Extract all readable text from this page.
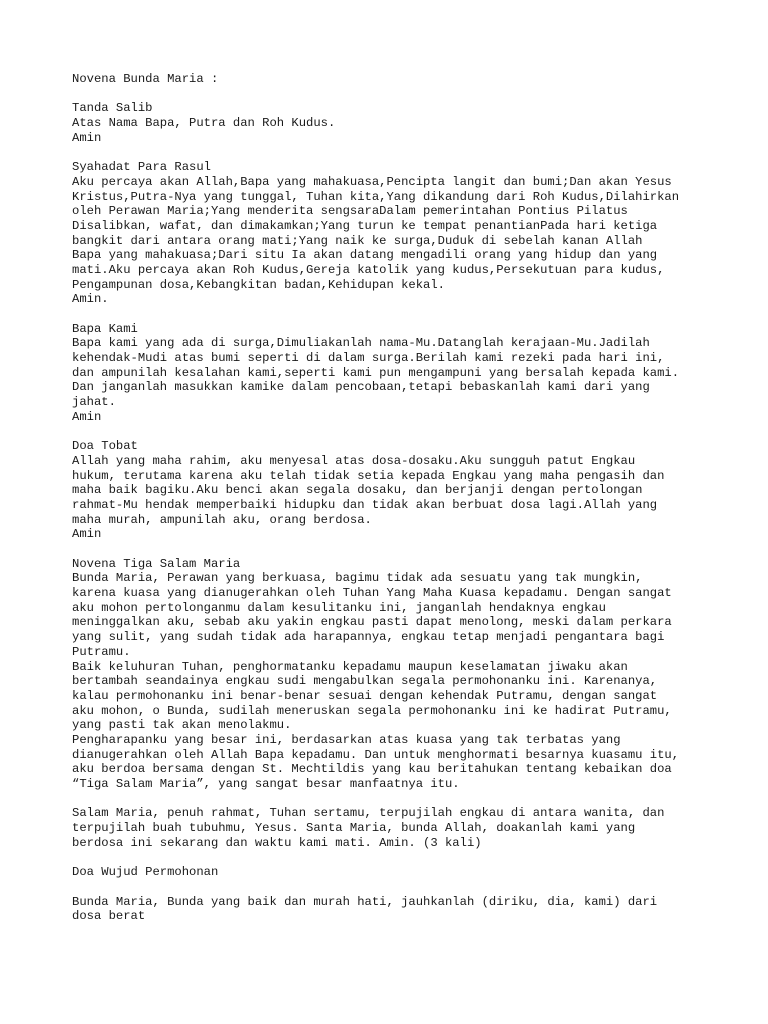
Novena Bunda Maria :
Tanda Salib
Atas Nama Bapa, Putra dan Roh Kudus.
Amin
Syahadat Para Rasul
Aku percaya akan Allah,Bapa yang mahakuasa,Pencipta langit dan bumi;Dan akan Yesus
Kristus,Putra-Nya yang tunggal, Tuhan kita,Yang dikandung dari Roh Kudus,Dilahirkan
oleh Perawan Maria;Yang menderita sengsaraDalam pemerintahan Pontius Pilatus
Disalibkan, wafat, dan dimakamkan;Yang turun ke tempat penantianPada hari ketiga
bangkit dari antara orang mati;Yang naik ke surga,Duduk di sebelah kanan Allah
Bapa yang mahakuasa;Dari situ Ia akan datang mengadili orang yang hidup dan yang
mati.Aku percaya akan Roh Kudus,Gereja katolik yang kudus,Persekutuan para kudus,
Pengampunan dosa,Kebangkitan badan,Kehidupan kekal.
Amin.
Bapa Kami
Bapa kami yang ada di surga,Dimuliakanlah nama-Mu.Datanglah kerajaan-Mu.Jadilah
kehendak-Mudi atas bumi seperti di dalam surga.Berilah kami rezeki pada hari ini,
dan ampunilah kesalahan kami,seperti kami pun mengampuni yang bersalah kepada kami.
Dan janganlah masukkan kamike dalam pencobaan,tetapi bebaskanlah kami dari yang
jahat.
Amin
Doa Tobat
Allah yang maha rahim, aku menyesal atas dosa-dosaku.Aku sungguh patut Engkau
hukum, terutama karena aku telah tidak setia kepada Engkau yang maha pengasih dan
maha baik bagiku.Aku benci akan segala dosaku, dan berjanji dengan pertolongan
rahmat-Mu hendak memperbaiki hidupku dan tidak akan berbuat dosa lagi.Allah yang
maha murah, ampunilah aku, orang berdosa.
Amin
Novena Tiga Salam Maria
Bunda Maria, Perawan yang berkuasa, bagimu tidak ada sesuatu yang tak mungkin,
karena kuasa yang dianugerahkan oleh Tuhan Yang Maha Kuasa kepadamu. Dengan sangat
aku mohon pertolonganmu dalam kesulitanku ini, janganlah hendaknya engkau
meninggalkan aku, sebab aku yakin engkau pasti dapat menolong, meski dalam perkara
yang sulit, yang sudah tidak ada harapannya, engkau tetap menjadi pengantara bagi
Putramu.
Baik keluhuran Tuhan, penghormatanku kepadamu maupun keselamatan jiwaku akan
bertambah seandainya engkau sudi mengabulkan segala permohonanku ini. Karenanya,
kalau permohonanku ini benar-benar sesuai dengan kehendak Putramu, dengan sangat
aku mohon, o Bunda, sudilah meneruskan segala permohonanku ini ke hadirat Putramu,
yang pasti tak akan menolakmu.
Pengharapanku yang besar ini, berdasarkan atas kuasa yang tak terbatas yang
dianugerahkan oleh Allah Bapa kepadamu. Dan untuk menghormati besarnya kuasamu itu,
aku berdoa bersama dengan St. Mechtildis yang kau beritahukan tentang kebaikan doa
“Tiga Salam Maria”, yang sangat besar manfaatnya itu.
Salam Maria, penuh rahmat, Tuhan sertamu, terpujilah engkau di antara wanita, dan
terpujilah buah tubuhmu, Yesus. Santa Maria, bunda Allah, doakanlah kami yang
berdosa ini sekarang dan waktu kami mati. Amin. (3 kali)
Doa Wujud Permohonan
Bunda Maria, Bunda yang baik dan murah hati, jauhkanlah (diriku, dia, kami) dari
dosa berat
